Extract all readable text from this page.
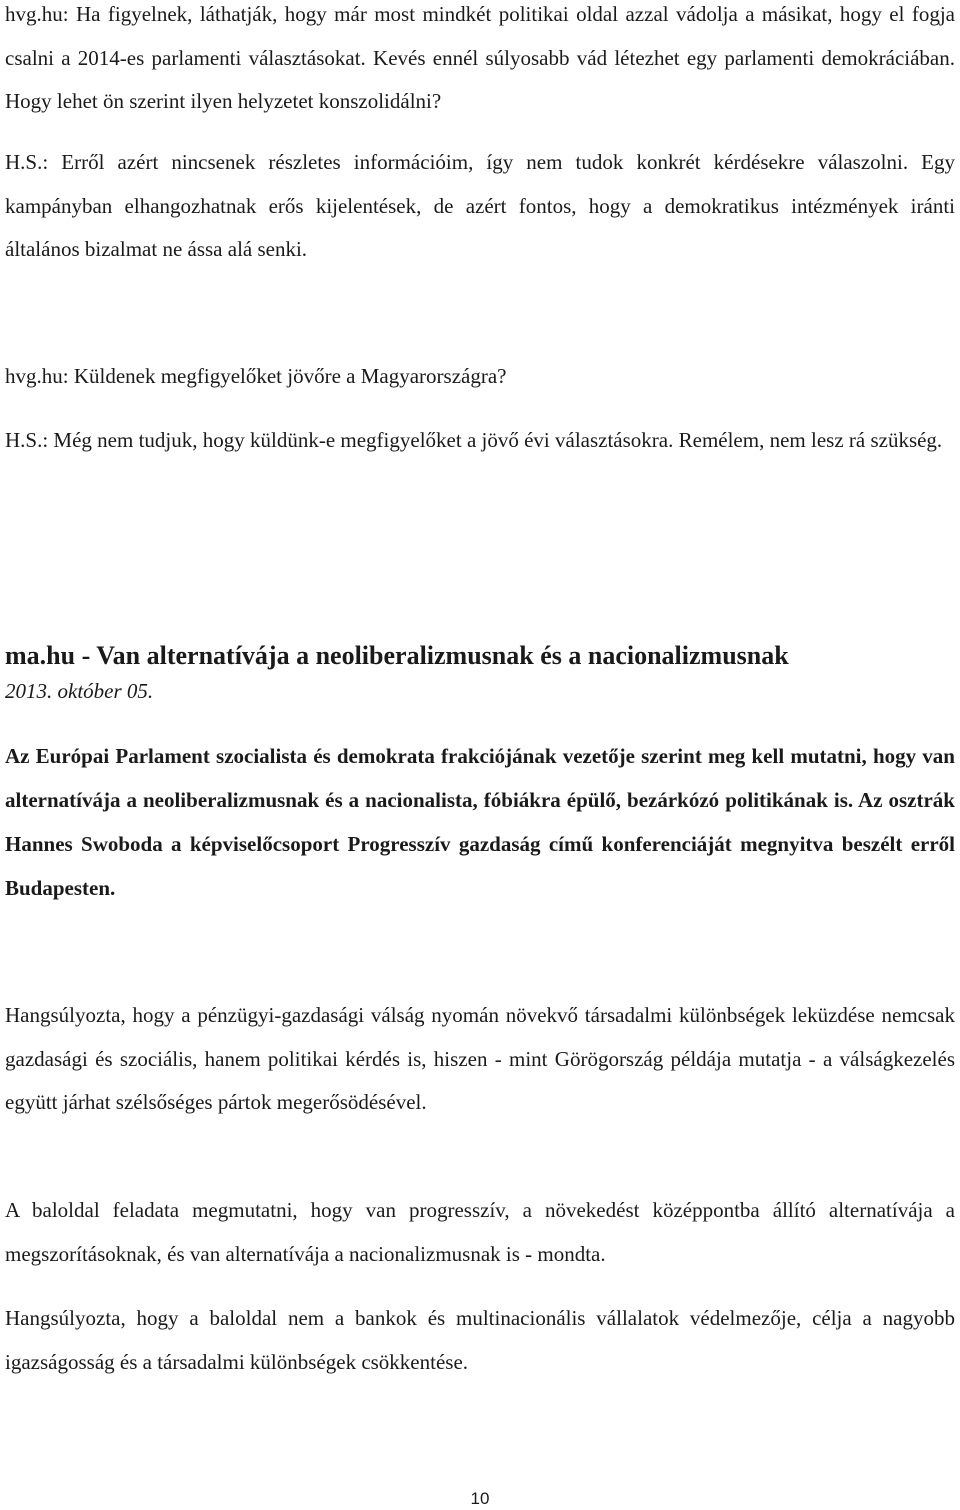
hvg.hu: Ha figyelnek, láthatják, hogy már most mindkét politikai oldal azzal vádolja a másikat, hogy el fogja csalni a 2014-es parlamenti választásokat. Kevés ennél súlyosabb vád létezhet egy parlamenti demokráciában. Hogy lehet ön szerint ilyen helyzetet konszolidálni?

H.S.: Erről azért nincsenek részletes információim, így nem tudok konkrét kérdésekre válaszolni. Egy kampányban elhangozhatnak erős kijelentések, de azért fontos, hogy a demokratikus intézmények iránti általános bizalmat ne ássa alá senki.

hvg.hu: Küldenek megfigyelőket jövőre a Magyarországra?

H.S.: Még nem tudjuk, hogy küldünk-e megfigyelőket a jövő évi választásokra. Remélem, nem lesz rá szükség.

ma.hu - Van alternatívája a neoliberalizmusnak és a nacionalizmusnak
2013. október 05.

Az Európai Parlament szocialista és demokrata frakciójának vezetője szerint meg kell mutatni, hogy van alternatívája a neoliberalizmusnak és a nacionalista, fóbiákra épülő, bezárkózó politikának is. Az osztrák Hannes Swoboda a képviselőcsoport Progresszív gazdaság című konferenciáját megnyitva beszélt erről Budapesten.

Hangsúlyozta, hogy a pénzügyi-gazdasági válság nyomán növekvő társadalmi különbségek leküzdése nemcsak gazdasági és szociális, hanem politikai kérdés is, hiszen - mint Görögország példája mutatja - a válságkezelés együtt járhat szélsőséges pártok megerősödésével.

A baloldal feladata megmutatni, hogy van progresszív, a növekedést középpontba állító alternatívája a megszorításoknak, és van alternatívája a nacionalizmusnak is - mondta.

Hangsúlyozta, hogy a baloldal nem a bankok és multinacionális vállalatok védelmezője, célja a nagyobb igazságosság és a társadalmi különbségek csökkentése.

10
